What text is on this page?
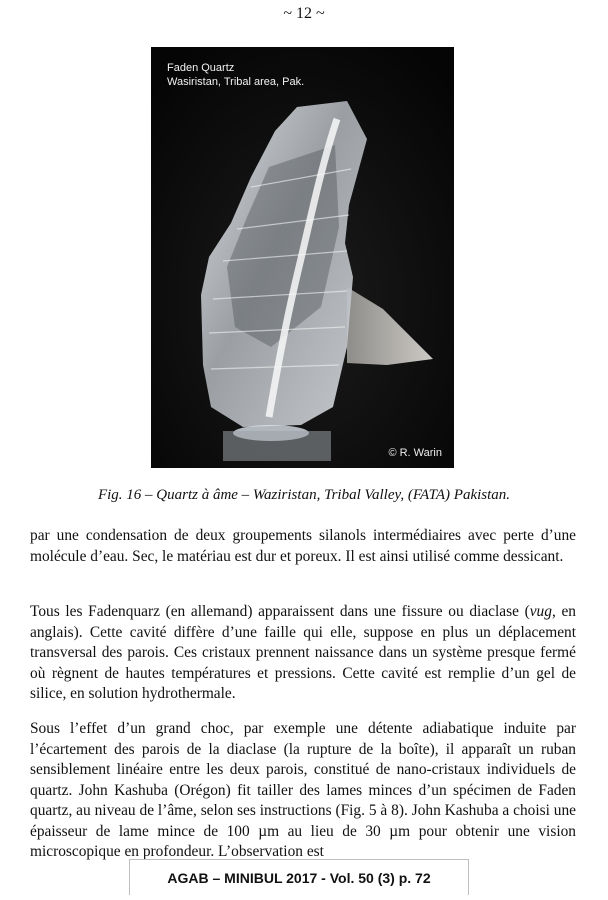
~ 12 ~
Faden Quartz
Wasiristan, Tribal area, Pak.
© R. Warin
Fig. 16 – Quartz à âme – Waziristan, Tribal Valley, (FATA) Pakistan.

par une condensation de deux groupements silanols intermédiaires avec perte d’une molécule d’eau. Sec, le matériau est dur et poreux. Il est ainsi utilisé comme dessicant.

Tous les Fadenquarz (en allemand) apparaissent dans une fissure ou diaclase (vug, en anglais). Cette cavité diffère d’une faille qui elle, suppose en plus un déplacement transversal des parois. Ces cristaux prennent naissance dans un système presque fermé où règnent de hautes températures et pressions. Cette cavité est remplie d’un gel de silice, en solution hydrothermale.

Sous l’effet d’un grand choc, par exemple une détente adiabatique induite par l’écartement des parois de la diaclase (la rupture de la boîte), il apparaît un ruban sensiblement linéaire entre les deux parois, constitué de nano-cristaux individuels de quartz. John Kashuba (Orégon) fit tailler des lames minces d’un spécimen de Faden quartz, au niveau de l’âme, selon ses instructions (Fig. 5 à 8). John Kashuba a choisi une épaisseur de lame mince de 100 µm au lieu de 30 µm pour obtenir une vision microscopique en profondeur. L’observation est

AGAB – MINIBUL 2017 - Vol. 50 (3) p. 72
